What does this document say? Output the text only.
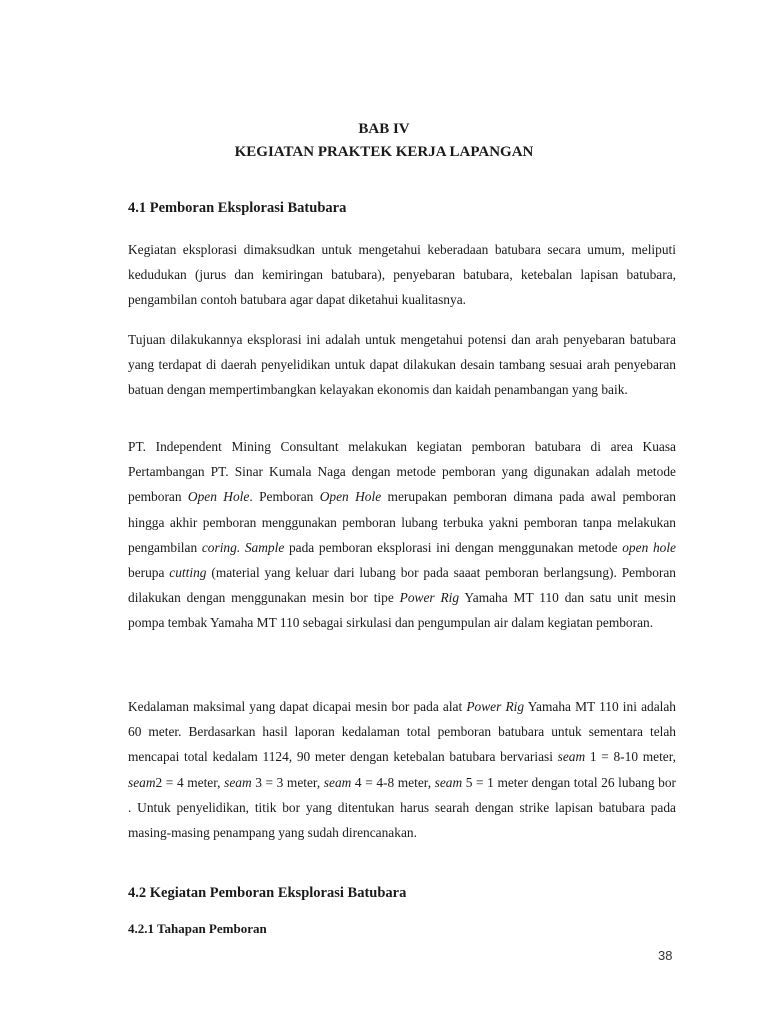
BAB IV
KEGIATAN PRAKTEK KERJA LAPANGAN
4.1 Pemboran Eksplorasi Batubara

Kegiatan eksplorasi dimaksudkan untuk mengetahui keberadaan batubara secara umum, meliputi kedudukan (jurus dan kemiringan batubara), penyebaran batubara, ketebalan lapisan batubara, pengambilan contoh batubara agar dapat diketahui kualitasnya.

Tujuan dilakukannya eksplorasi ini adalah untuk mengetahui potensi dan arah penyebaran batubara yang terdapat di daerah penyelidikan untuk dapat dilakukan desain tambang sesuai arah penyebaran batuan dengan mempertimbangkan kelayakan ekonomis dan kaidah penambangan yang baik.

PT. Independent Mining Consultant melakukan kegiatan pemboran batubara di area Kuasa Pertambangan PT. Sinar Kumala Naga dengan metode pemboran yang digunakan adalah metode pemboran Open Hole. Pemboran Open Hole merupakan pemboran dimana pada awal pemboran hingga akhir pemboran menggunakan pemboran lubang terbuka yakni pemboran tanpa melakukan pengambilan coring. Sample pada pemboran eksplorasi ini dengan menggunakan metode open hole berupa cutting (material yang keluar dari lubang bor pada saaat pemboran berlangsung). Pemboran dilakukan dengan menggunakan mesin bor tipe Power Rig Yamaha MT 110 dan satu unit mesin pompa tembak Yamaha MT 110 sebagai sirkulasi dan pengumpulan air dalam kegiatan pemboran.

Kedalaman maksimal yang dapat dicapai mesin bor pada alat Power Rig Yamaha MT 110 ini adalah 60 meter. Berdasarkan hasil laporan kedalaman total pemboran batubara untuk sementara telah mencapai total kedalam 1124, 90 meter dengan ketebalan batubara bervariasi seam 1 = 8-10 meter, seam2 = 4 meter, seam 3 = 3 meter, seam 4 = 4-8 meter, seam 5 = 1 meter dengan total 26 lubang bor . Untuk penyelidikan, titik bor yang ditentukan harus searah dengan strike lapisan batubara pada masing-masing penampang yang sudah direncanakan.

4.2 Kegiatan Pemboran Eksplorasi Batubara
4.2.1 Tahapan Pemboran
38
